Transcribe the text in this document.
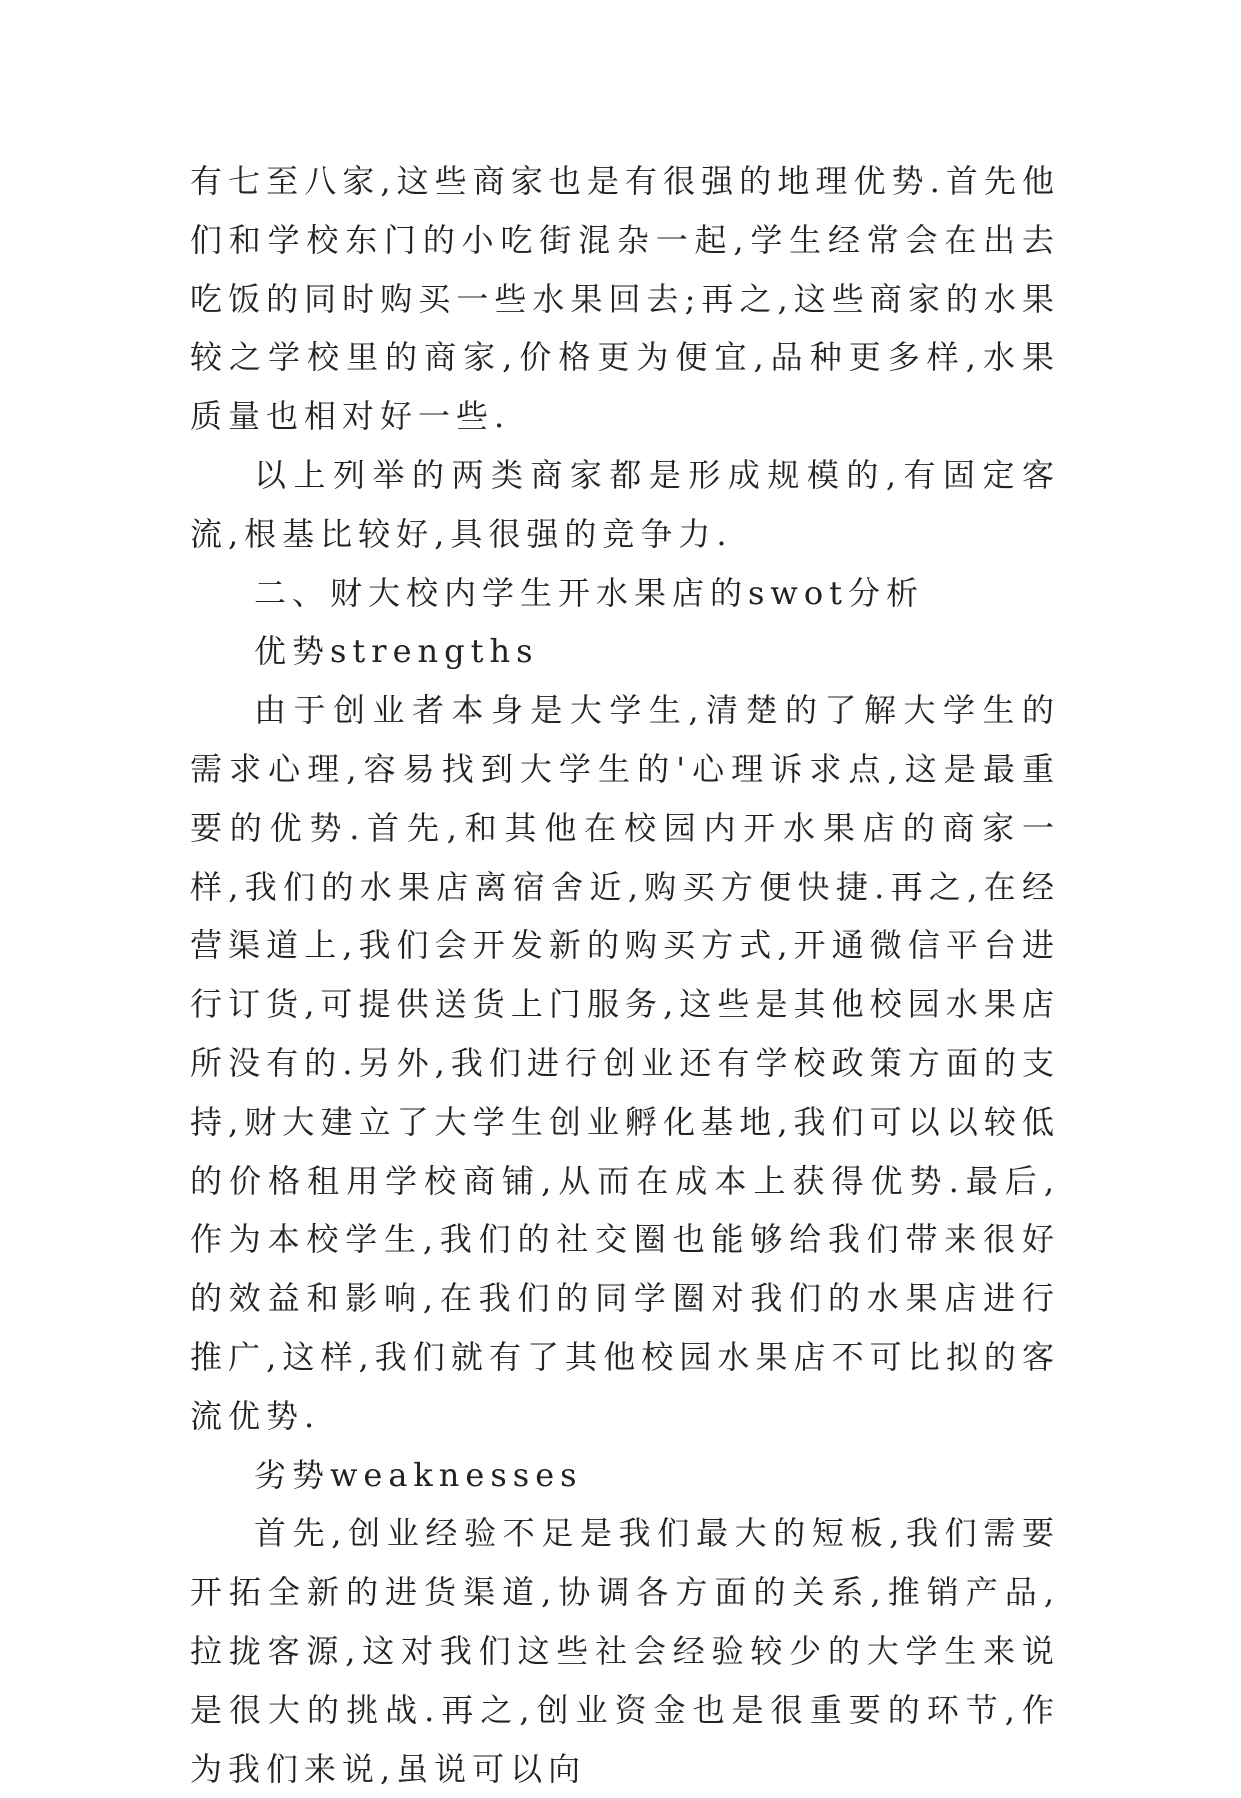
有七至八家,这些商家也是有很强的地理优势.首先他们和学校东门的小吃街混杂一起,学生经常会在出去吃饭的同时购买一些水果回去;再之,这些商家的水果较之学校里的商家,价格更为便宜,品种更多样,水果质量也相对好一些.

以上列举的两类商家都是形成规模的,有固定客流,根基比较好,具很强的竞争力.

二、财大校内学生开水果店的swot分析

优势strengths

由于创业者本身是大学生,清楚的了解大学生的需求心理,容易找到大学生的'心理诉求点,这是最重要的优势.首先,和其他在校园内开水果店的商家一样,我们的水果店离宿舍近,购买方便快捷.再之,在经营渠道上,我们会开发新的购买方式,开通微信平台进行订货,可提供送货上门服务,这些是其他校园水果店所没有的.另外,我们进行创业还有学校政策方面的支持,财大建立了大学生创业孵化基地,我们可以以较低的价格租用学校商铺,从而在成本上获得优势.最后,作为本校学生,我们的社交圈也能够给我们带来很好的效益和影响,在我们的同学圈对我们的水果店进行推广,这样,我们就有了其他校园水果店不可比拟的客流优势.

劣势weaknesses

首先,创业经验不足是我们最大的短板,我们需要开拓全新的进货渠道,协调各方面的关系,推销产品,拉拢客源,这对我们这些社会经验较少的大学生来说是很大的挑战.再之,创业资金也是很重要的环节,作为我们来说,虽说可以向
